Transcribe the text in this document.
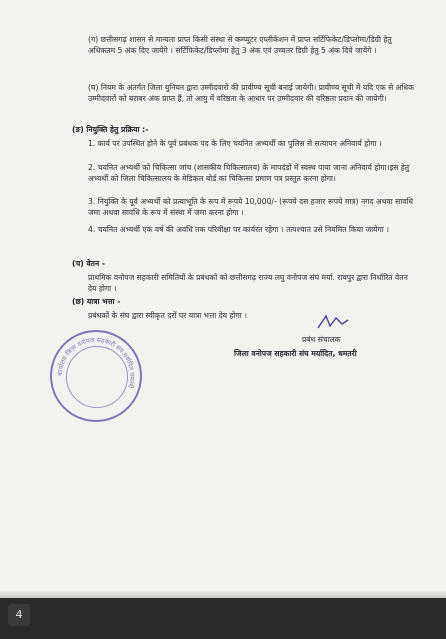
(ग) छत्तीसगढ़ शासन से मान्यता प्राप्त किसी संस्था से कम्प्यूटर एप्लीकेशन में प्राप्त सर्टिफिकेट/डिप्लोमा/डिग्री हेतु अधिकतम 5 अंक दिए जायेंगे । सर्टिफिकेट/डिप्लोमा हेतु 3 अंक एवं उच्चतर डिग्री हेतु 5 अंक दिये जायेंगे ।

(घ) नियम के अंतर्गत जिला युनियन द्वारा उम्मीदवारों की प्रावीण्य सूची बनाई जायेगी। प्रावीण्य सूची में यदि एक से अधिक उम्मीदवारों को बराबर अंक प्राप्त हैं, तो आयु में वरिष्ठता के आधार पर उम्मीदवार की वरिष्ठता प्रदान की जायेगी।

(ङ) नियुक्ति हेतु प्रक्रिया :-

1. कार्य पर उपस्थित होने के पूर्व प्रबंधक पद के लिए चयनित अभ्यर्थी का पुलिस से सत्यापन अनिवार्य होगा ।

2. चयनित अभ्यर्थी को चिकित्सा जांच (शासकीय चिकित्सालय) के मापदंडों में स्वस्थ पाया जाना अनिवार्य होगा।इस हेतु अभ्यर्थी को जिला चिकित्सालय के मेडिकल बोर्ड का चिकित्सा प्रमाण पत्र प्रस्तुत करना होगा।

3. नियुक्ति के पूर्व अभ्यर्थी को प्रत्याभूति के रूप में रूपये 10,000/- (रूपये दस हजार रूपये मात्र) नगद अथवा सावधि जमा अथवा सावधि के रूप में संस्था में जमा करना होगा ।

4. चयनित अभ्यर्थी एक वर्ष की अवधि तक परिवीक्षा पर कार्यरत रहेगा । तत्पश्चात उसे नियमित किया जायेगा ।

(च) वेतन -

प्राथमिक वनोपज सहकारी समितियों के प्रबंधकों को छत्तीसगढ़ राज्य लघु वनोपज संघ मर्या. रायपुर द्वारा निर्धारित वेतन देय होगा ।

(छ) यात्रा भत्ता -

प्रबंधकों के संघ द्वारा स्वीकृत दरों पर यात्रा भत्ता देय होगा ।

प्रबंध संचालक

जिला वनोपज सहकारी संघ मर्यादित, धमतरी

कार्यालय जिला वनोपज सहकारी संघ मर्यादित धमतरी
4
